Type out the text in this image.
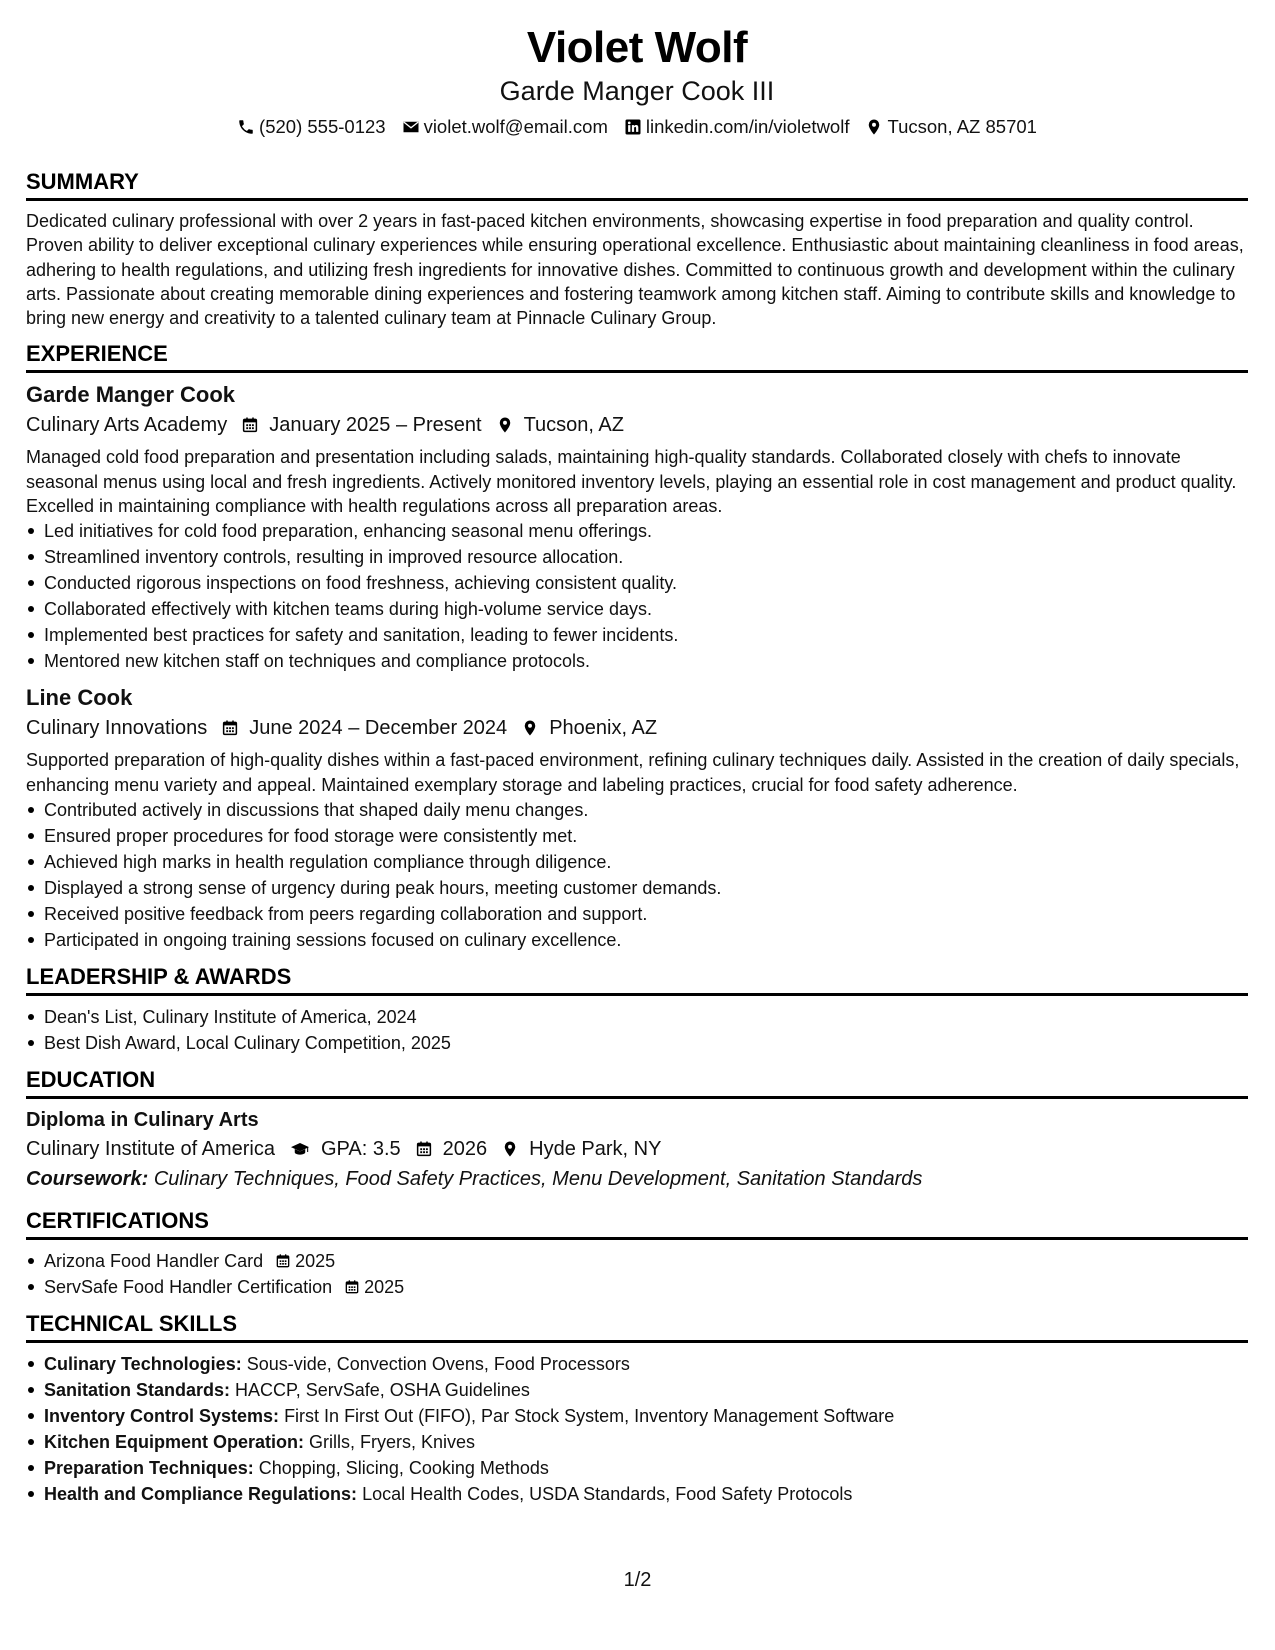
Violet Wolf
Garde Manger Cook III
(520) 555-0123 violet.wolf@email.com linkedin.com/in/violetwolf Tucson, AZ 85701
SUMMARY
Dedicated culinary professional with over 2 years in fast-paced kitchen environments, showcasing expertise in food preparation and quality control. Proven ability to deliver exceptional culinary experiences while ensuring operational excellence. Enthusiastic about maintaining cleanliness in food areas, adhering to health regulations, and utilizing fresh ingredients for innovative dishes. Committed to continuous growth and development within the culinary arts. Passionate about creating memorable dining experiences and fostering teamwork among kitchen staff. Aiming to contribute skills and knowledge to bring new energy and creativity to a talented culinary team at Pinnacle Culinary Group.
EXPERIENCE
Garde Manger Cook
Culinary Arts Academy January 2025 – Present Tucson, AZ
Managed cold food preparation and presentation including salads, maintaining high-quality standards. Collaborated closely with chefs to innovate seasonal menus using local and fresh ingredients. Actively monitored inventory levels, playing an essential role in cost management and product quality. Excelled in maintaining compliance with health regulations across all preparation areas.
Led initiatives for cold food preparation, enhancing seasonal menu offerings.
Streamlined inventory controls, resulting in improved resource allocation.
Conducted rigorous inspections on food freshness, achieving consistent quality.
Collaborated effectively with kitchen teams during high-volume service days.
Implemented best practices for safety and sanitation, leading to fewer incidents.
Mentored new kitchen staff on techniques and compliance protocols.
Line Cook
Culinary Innovations June 2024 – December 2024 Phoenix, AZ
Supported preparation of high-quality dishes within a fast-paced environment, refining culinary techniques daily. Assisted in the creation of daily specials, enhancing menu variety and appeal. Maintained exemplary storage and labeling practices, crucial for food safety adherence.
Contributed actively in discussions that shaped daily menu changes.
Ensured proper procedures for food storage were consistently met.
Achieved high marks in health regulation compliance through diligence.
Displayed a strong sense of urgency during peak hours, meeting customer demands.
Received positive feedback from peers regarding collaboration and support.
Participated in ongoing training sessions focused on culinary excellence.
LEADERSHIP & AWARDS
Dean's List, Culinary Institute of America, 2024
Best Dish Award, Local Culinary Competition, 2025
EDUCATION
Diploma in Culinary Arts
Culinary Institute of America GPA: 3.5 2026 Hyde Park, NY
Coursework: Culinary Techniques, Food Safety Practices, Menu Development, Sanitation Standards
CERTIFICATIONS
Arizona Food Handler Card 2025
ServSafe Food Handler Certification 2025
TECHNICAL SKILLS
Culinary Technologies: Sous-vide, Convection Ovens, Food Processors
Sanitation Standards: HACCP, ServSafe, OSHA Guidelines
Inventory Control Systems: First In First Out (FIFO), Par Stock System, Inventory Management Software
Kitchen Equipment Operation: Grills, Fryers, Knives
Preparation Techniques: Chopping, Slicing, Cooking Methods
Health and Compliance Regulations: Local Health Codes, USDA Standards, Food Safety Protocols
1/2
